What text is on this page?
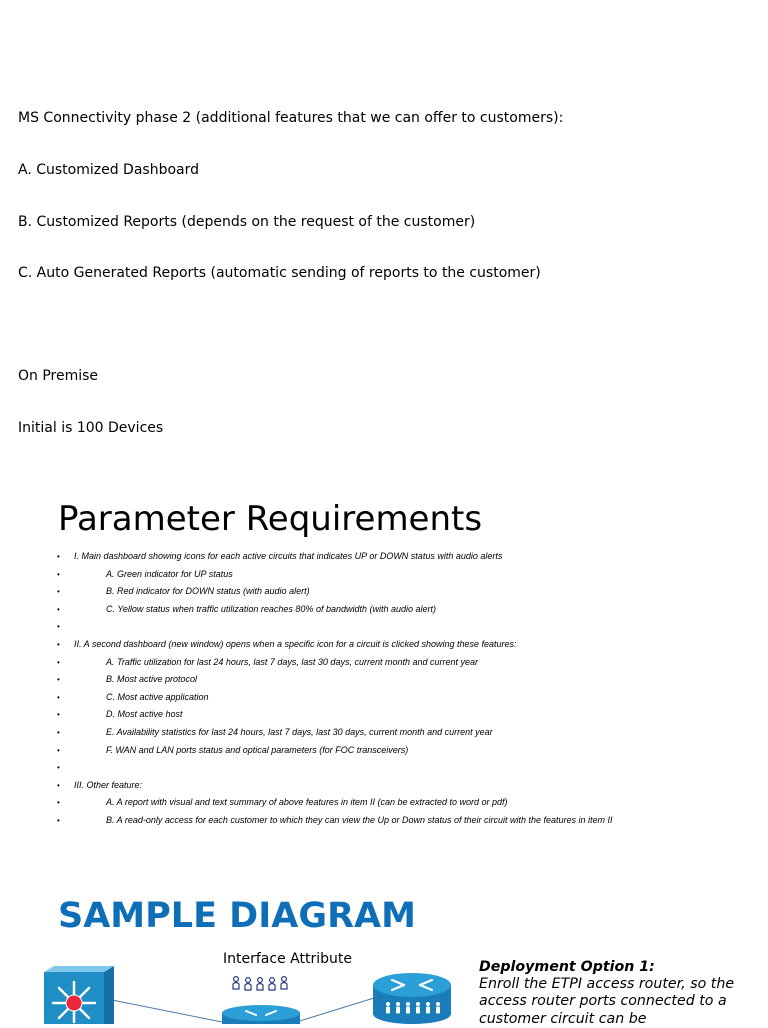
MS Connectivity phase 2 (additional features that we can offer to customers):

A. Customized Dashboard

B. Customized Reports (depends on the request of the customer)

C. Auto Generated Reports (automatic sending of reports to the customer)

On Premise

Initial is 100 Devices

Parameter Requirements
• I. Main dashboard showing icons for each active circuits that indicates UP or DOWN status with audio alerts
•	A. Green indicator for UP status
•	B. Red indicator for DOWN status (with audio alert)
•	C. Yellow status when traffic utilization reaches 80% of bandwidth (with audio alert)
•
• II. A second dashboard (new window) opens when a specific icon for a circuit is clicked showing these features:
•	A. Traffic utilization for last 24 hours, last 7 days, last 30 days, current month and current year
•	B. Most active protocol
•	C. Most active application
•	D. Most active host
•	E. Availability statistics for last 24 hours, last 7 days, last 30 days, current month and current year
•	F. WAN and LAN ports status and optical parameters (for FOC transceivers)
•
• III. Other feature:
•	A. A report with visual and text summary of above features in item II (can be extracted to word or pdf)
•	B. A read-only access for each customer to which they can view the Up or Down status of their circuit with the features in item II
SAMPLE DIAGRAM
Interface Attribute	Deployment Option 1:
Enroll the ETPI access router, so the access router ports connected to a customer circuit can be
